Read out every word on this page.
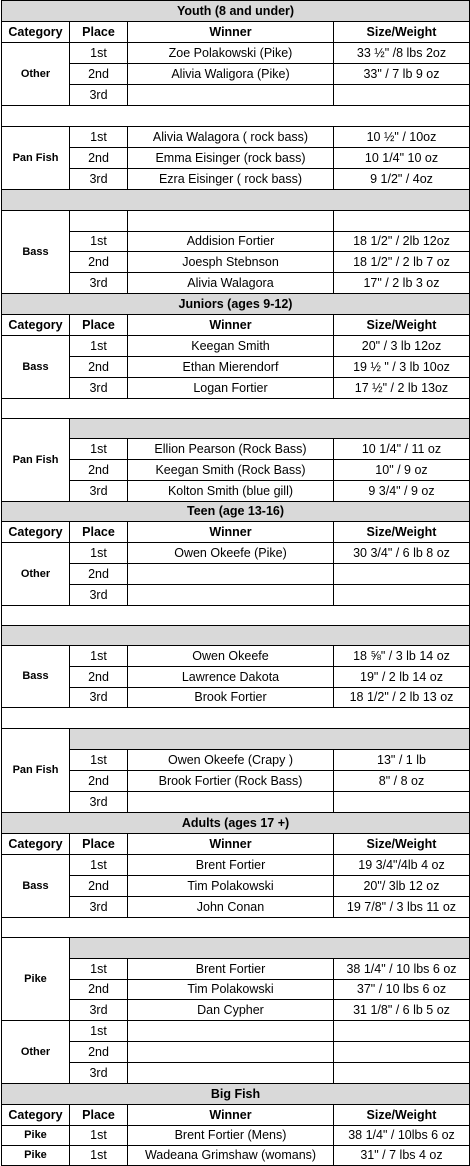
Youth (8 and under)			
Category	Place	Winner	Size/Weight
Other	1st	Zoe Polakowski (Pike)	33 ½" /8 lbs 2oz
	2nd	Alivia Waligora (Pike)	33" / 7 lb 9 oz
	3rd		

Pan Fish	1st	Alivia Walagora ( rock bass)	10 ½" / 10oz
	2nd	Emma Eisinger (rock bass)	10 1/4" 10 oz
	3rd	Ezra Eisinger ( rock bass)	9 1/2" / 4oz

Bass			
	1st	Addision Fortier	18 1/2" / 2lb 12oz
	2nd	Joesph Stebnson	18 1/2" / 2 lb 7 oz
	3rd	Alivia Walagora	17" / 2 lb 3 oz
Juniors (ages 9-12)			
Category	Place	Winner	Size/Weight
Bass	1st	Keegan Smith	20" / 3 lb 12oz
	2nd	Ethan Mierendorf	19 ½ " / 3 lb 10oz
	3rd	Logan Fortier	17 ½" / 2 lb 13oz

Pan Fish			
	1st	Ellion Pearson (Rock Bass)	10 1/4" / 11 oz
	2nd	Keegan Smith (Rock Bass)	10" / 9 oz
	3rd	Kolton Smith (blue gill)	9 3/4" / 9 oz
Teen (age 13-16)			
Category	Place	Winner	Size/Weight
Other	1st	Owen Okeefe (Pike)	30 3/4" / 6 lb 8 oz
	2nd		
	3rd		

Bass	1st	Owen Okeefe	18 ⅝" / 3 lb 14 oz
	2nd	Lawrence Dakota	19" / 2 lb 14 oz
	3rd	Brook Fortier	18 1/2" / 2 lb 13 oz

Pan Fish			
	1st	Owen Okeefe (Crapy )	13" / 1 lb
	2nd	Brook Fortier (Rock Bass)	8" / 8 oz
	3rd		
Adults (ages 17 +)			
Category	Place	Winner	Size/Weight
Bass	1st	Brent Fortier	19 3/4"/4lb 4 oz
	2nd	Tim Polakowski	20"/ 3lb 12 oz
	3rd	John Conan	19 7/8" / 3 lbs 11 oz

Pike			
	1st	Brent Fortier	38 1/4" / 10 lbs 6 oz
	2nd	Tim Polakowski	37" / 10 lbs 6 oz
	3rd	Dan Cypher	31 1/8" / 6 lb 5 oz
Other	1st		
	2nd		
	3rd		
Big Fish			
Category	Place	Winner	Size/Weight
Pike	1st	Brent Fortier (Mens)	38 1/4" / 10lbs 6 oz
Pike	1st	Wadeana Grimshaw (womans)	31" / 7 lbs 4 oz
